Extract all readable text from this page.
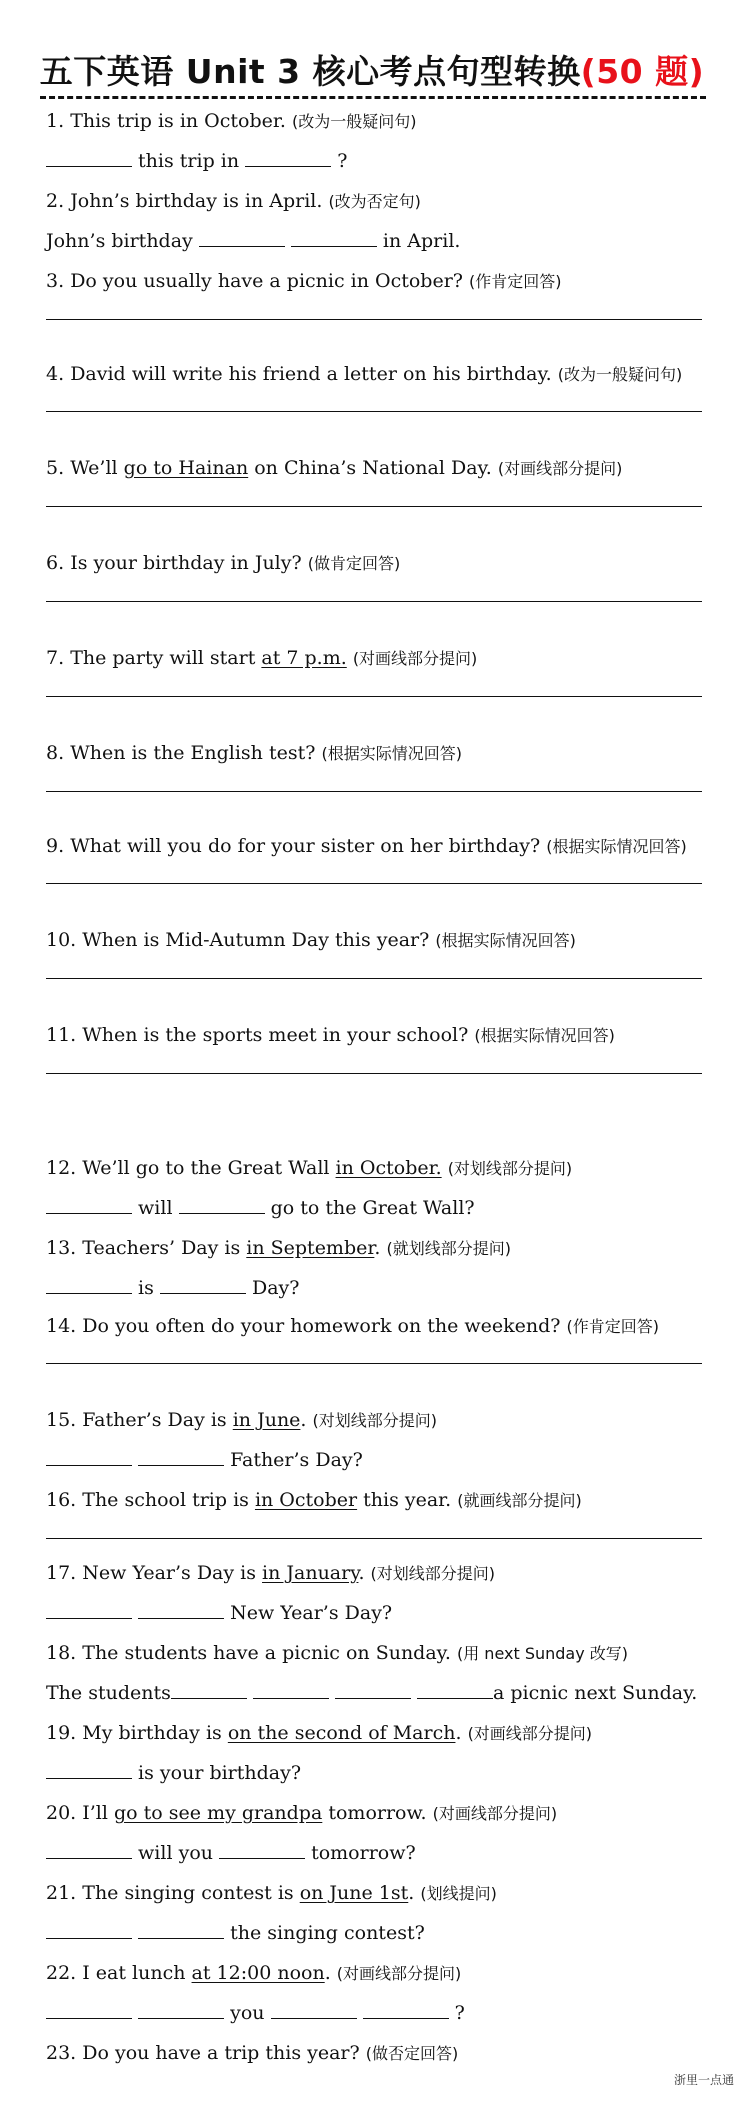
五下英语 Unit 3 核心考点句型转换(50 题)
1. This trip is in October. (改为一般疑问句)
this trip in	?
2. John’s birthday is in April. (改为否定句)
John’s birthday	in April.
3. Do you usually have a picnic in October? (作肯定回答)
4. David will write his friend a letter on his birthday. (改为一般疑问句)
5. We’ll go to Hainan on China’s National Day. (对画线部分提问)
6. Is your birthday in July? (做肯定回答)
7. The party will start at 7 p.m. (对画线部分提问)
8. When is the English test? (根据实际情况回答)
9. What will you do for your sister on her birthday? (根据实际情况回答)
10. When is Mid-Autumn Day this year? (根据实际情况回答)
11. When is the sports meet in your school? (根据实际情况回答)
12. We’ll go to the Great Wall in October. (对划线部分提问)
will	go to the Great Wall?
13. Teachers’ Day is in September. (就划线部分提问)
is	Day?
14. Do you often do your homework on the weekend? (作肯定回答)
15. Father’s Day is in June. (对划线部分提问)
Father’s Day?
16. The school trip is in October this year. (就画线部分提问)
17. New Year’s Day is in January. (对划线部分提问)
New Year’s Day?
18. The students have a picnic on Sunday. (用 next Sunday 改写)
The students	a picnic next Sunday.
19. My birthday is on the second of March. (对画线部分提问)
is your birthday?
20. I’ll go to see my grandpa tomorrow. (对画线部分提问)
will you	tomorrow?
21. The singing contest is on June 1st. (划线提问)
the singing contest?
22. I eat lunch at 12:00 noon. (对画线部分提问)
you	?
23. Do you have a trip this year? (做否定回答)
浙里一点通
